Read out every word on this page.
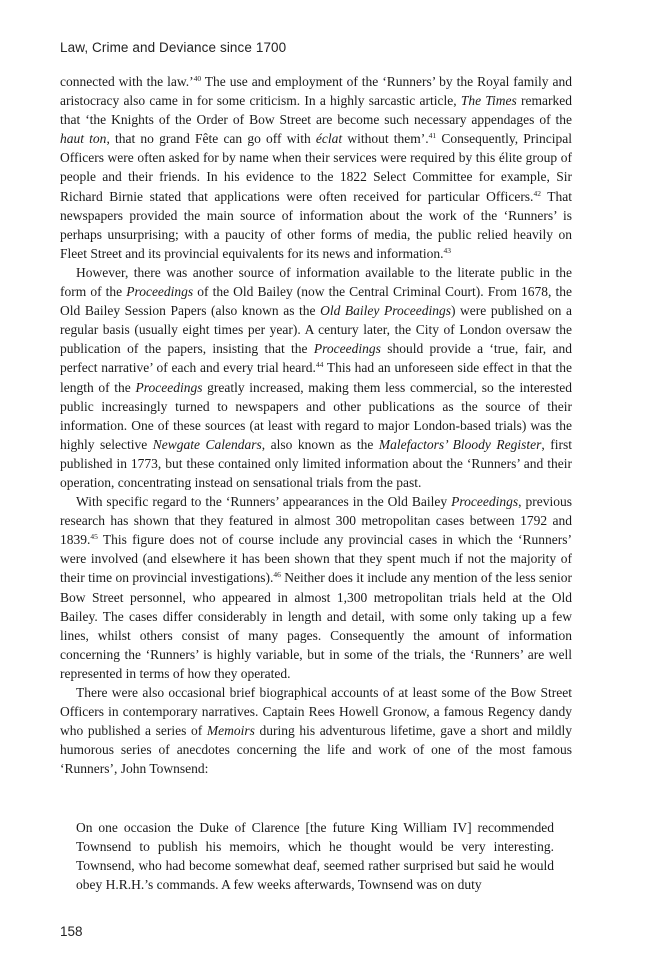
Law, Crime and Deviance since 1700

connected with the law.’$^{40}$ The use and employment of the ‘Runners’ by the Royal family and aristocracy also came in for some criticism. In a highly sarcastic article, The Times remarked that ‘the Knights of the Order of Bow Street are become such necessary appendages of the haut ton, that no grand Fête can go off with éclat without them’.$^{41}$ Consequently, Principal Officers were often asked for by name when their services were required by this élite group of people and their friends. In his evidence to the 1822 Select Committee for example, Sir Richard Birnie stated that applications were often received for particular Officers.$^{42}$ That newspapers provided the main source of information about the work of the ‘Runners’ is perhaps unsurprising; with a paucity of other forms of media, the public relied heavily on Fleet Street and its provincial equivalents for its news and information.$^{43}$

However, there was another source of information available to the literate public in the form of the Proceedings of the Old Bailey (now the Central Criminal Court). From 1678, the Old Bailey Session Papers (also known as the Old Bailey Proceedings) were published on a regular basis (usually eight times per year). A century later, the City of London oversaw the publication of the papers, insisting that the Proceedings should provide a ‘true, fair, and perfect narrative’ of each and every trial heard.$^{44}$ This had an unforeseen side effect in that the length of the Proceedings greatly increased, making them less commercial, so the interested public increasingly turned to newspapers and other publications as the source of their information. One of these sources (at least with regard to major London-based trials) was the highly selective Newgate Calendars, also known as the Malefactors’ Bloody Register, first published in 1773, but these contained only limited information about the ‘Runners’ and their operation, concentrating instead on sensational trials from the past.

With specific regard to the ‘Runners’ appearances in the Old Bailey Proceedings, previous research has shown that they featured in almost 300 metropolitan cases between 1792 and 1839.45 This figure does not of course include any provincial cases in which the ‘Runners’ were involved (and elsewhere it has been shown that they spent much if not the majority of their time on provincial investigations).$^{46}$ Neither does it include any mention of the less senior Bow Street personnel, who appeared in almost 1,300 metropolitan trials held at the Old Bailey. The cases differ considerably in length and detail, with some only taking up a few lines, whilst others consist of many pages. Consequently the amount of information concerning the ‘Runners’ is highly variable, but in some of the trials, the ‘Runners’ are well represented in terms of how they operated.

There were also occasional brief biographical accounts of at least some of the Bow Street Officers in contemporary narratives. Captain Rees Howell Gronow, a famous Regency dandy who published a series of Memoirs during his adventurous lifetime, gave a short and mildly humorous series of anecdotes concerning the life and work of one of the most famous ‘Runners’, John Townsend:

On one occasion the Duke of Clarence [the future King William IV] recommended Townsend to publish his memoirs, which he thought would be very interesting. Townsend, who had become somewhat deaf, seemed rather surprised but said he would obey H.R.H.’s commands. A few weeks afterwards, Townsend was on duty

158
